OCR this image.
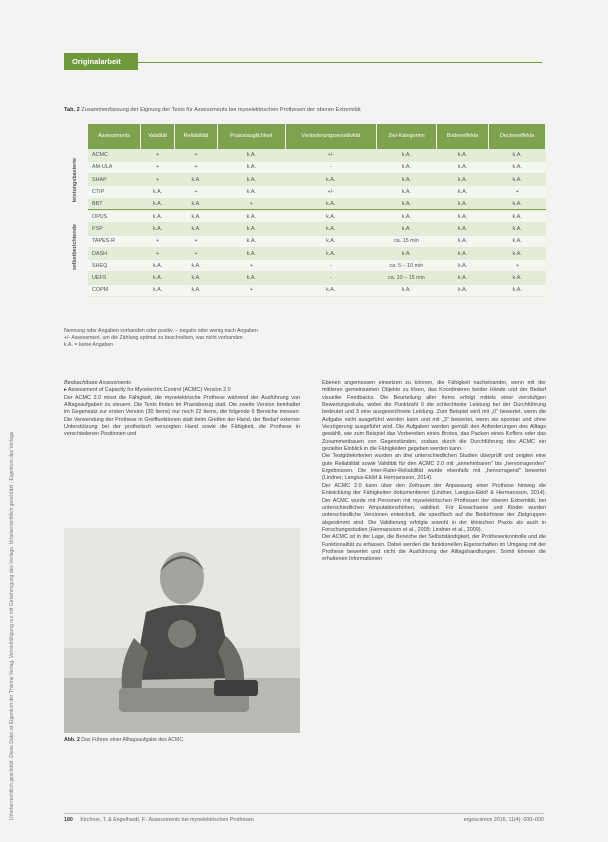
Urheberrechtlich geschützt. Diese Datei ist Eigentum der Thieme Verlag. Vervielfältigung nur mit Genehmigung des Verlags. Urheberrechtlich geschützt · Eigentum des Verlags
Originalarbeit
Tab. 2 Zusammenfassung der Eignung der Tests für Assessments bei myoelektrischen Prothesen der oberen Extremität
Assessments	Validität	Reliabilität	Praxistauglichkeit	Veränderungssensitivität	Ziel-Kategorien	Bodeneffekte	Deckeneffekte
ACMC	+	+	k.A.	+/-	k.A.	k.A.	k.A.
AM-ULA	+	+	k.A.	-	k.A.	k.A.	k.A.
SHAP	+	k.A.	k.A.	k.A.	k.A.	k.A.	k.A.
CTIP	k.A.	+	k.A.	+/-	k.A.	k.A.	+
BBT	k.A.	k.A.	+	k.A.	k.A.	k.A.	k.A.
OPUS	k.A.	k.A.	k.A.	k.A.	k.A.	k.A.	k.A.
PSP	k.A.	k.A.	k.A.	k.A.	k.A.	k.A.	k.A.
TAPES-R	+	+	k.A.	k.A.	ca. 15 min	k.A.	k.A.
DASH	+	+	k.A.	k.A.	k.A.	k.A.	k.A.
SHEQ	k.A.	k.A.	+	-	ca. 5 – 10 min	k.A.	+
UEFS	k.A.	k.A.	k.A.	-	ca. 10 – 15 min	k.A.	k.A.
COPM	k.A.	k.A.	+	k.A.	k.A.	k.A.	k.A.
leistungsbasierte
selbstberichtende
Nennung oder Angaben vorhanden oder positiv, – negativ oder wenig nach Angaben
+/- Assessment, um die Zählung optimal zu beschreiben, war nicht vorhanden
k.A. = keine Angaben

Beobachtbare Assessments

▸ Assessment of Capacity for Myoelectric Control (ACMC) Version 2.0

Der ACMC 2.0 misst die Fähigkeit, die myoelektrische Prothese während der Ausführung von Alltagsaufgaben zu steuern. Die Tests finden im Praxisbezug statt. Die zweite Version beinhaltet im Gegensatz zur ersten Version (30 Items) nur noch 22 Items, die folgende 6 Bereiche messen: Die Verwendung der Prothese in Greiffunktionen statt beim Greifen der Hand, der Bedarf externer Unterstützung bei der prothetisch versorgten Hand sowie die Fähigkeit, die Prothese in verschiedenen Positionen und

Abb. 2 Das Führen einer Alltagsaufgabe des ACMC.

Ebenen angemessen einsetzen zu können, die Fähigkeit nacheinander, wenn mit der mittleren gemeinsamen Objekte zu lösen, das Koordinieren beider Hände und der Bedarf visueller Feedbacks. Die Beurteilung aller Items erfolgt mittels einer vierstufigen Bewertungsskala, wobei die Punktzahl 0 die schlechteste Leistung bei der Durchführung bedeutet und 3 eine ausgezeichnete Leistung. Zum Beispiel wird mit „0" bewertet, wenn die Aufgabe nicht ausgeführt werden kann und mit „3" bewertet, wenn sie spontan und ohne Verzögerung ausgeführt wird. Die Aufgaben werden gemäß den Anforderungen des Alltags gewählt, wie zum Beispiel das Vorbereiten eines Brotes, das Packen eines Koffers oder das Zusammenbauen von Gegenständen, sodass durch die Durchführung des ACMC ein gezielter Einblick in die Fähigkeiten gegeben werden kann.

Die Testgütekriterien wurden an drei unterschiedlichen Studien überprüft und zeigten eine gute Reliabilität sowie Validität für den ACMC 2.0 mit „annehmbaren" bis „hervorragenden" Ergebnissen. Die Inter-Rater-Reliabilität wurde ebenfalls mit „hervorragend" bewertet (Lindner, Langius-Eklöf & Hermansson, 2014).

Der ACMC 2.0 kann über den Zeitraum der Anpassung einer Prothese hinweg die Entwicklung der Fähigkeiten dokumentieren (Lindner, Langius-Eklöf & Hermansson, 2014). Der ACMC wurde mit Personen mit myoelektrischen Prothesen der oberen Extremität, bei unterschiedlichen Amputationshöhen, validiert. Für Erwachsene und Kinder wurden unterschiedliche Versionen entwickelt, die spezifisch auf die Bedürfnisse der Zielgruppen abgestimmt sind. Die Validierung erfolgte sowohl in der klinischen Praxis als auch in Forschungsstudien (Hermansson et al., 2005; Lindner et al., 2009).

Der ACMC ist in der Lage, die Bereiche der Selbstständigkeit, der Prothesenkontrolle und die Funktionalität zu erfassen. Dabei werden die funktionellen Eigenschaften im Umgang mit der Prothese bewertet und nicht die Ausführung der Alltagshandlungen. Somit können die erhaltenen Informationen

180 Kirchner, T. & Engelhardt, F.: Assessments bei myoelektrischen Prothesen	ergoscience 2016; 11(4): 000–000
